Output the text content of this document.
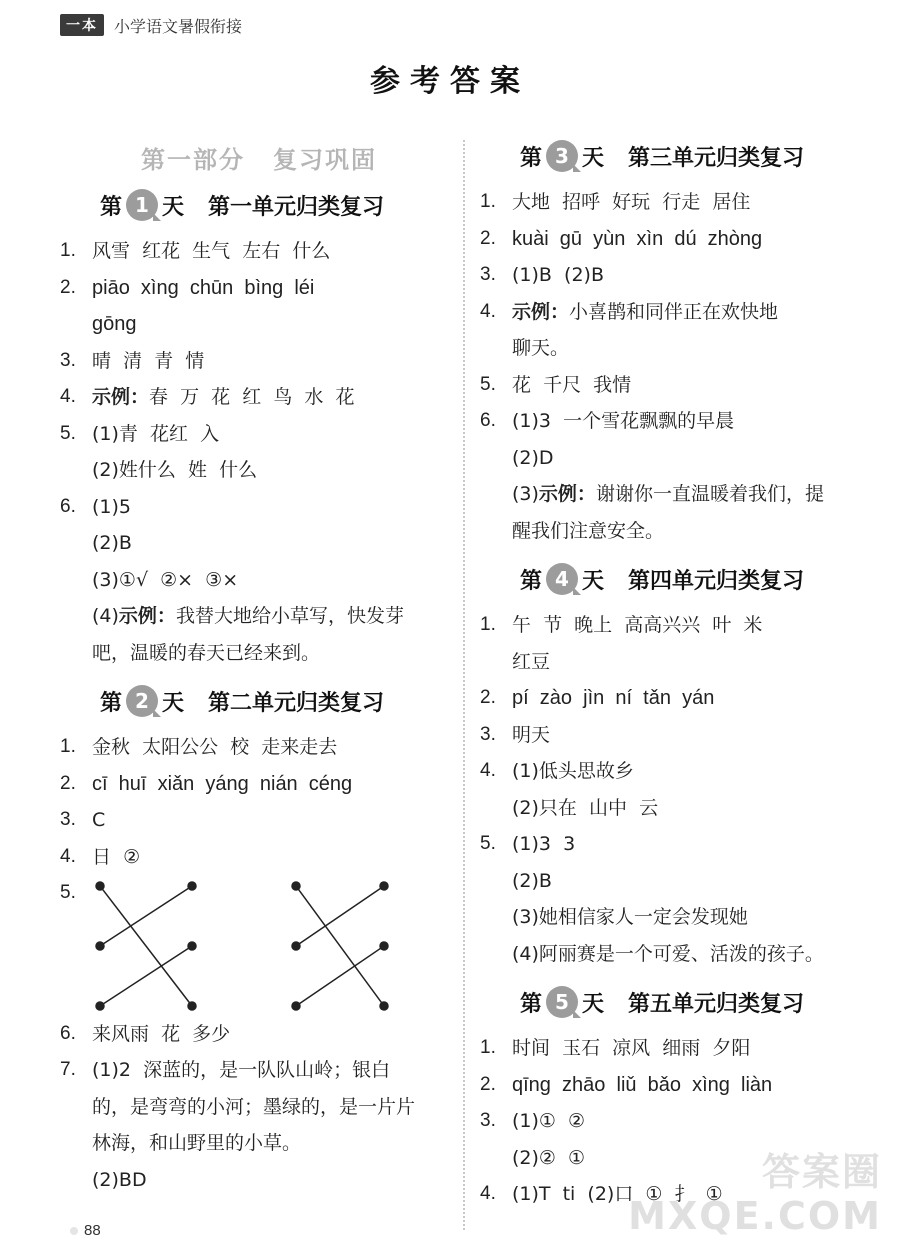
一本	小学语文暑假衔接
参考答案
第一部分 复习巩固
第 1 天 第一单元归类复习
1. 风雪  红花  生气  左右  什么
2. piāo  xìng  chūn  bìng  léi
gōng
3. 晴  清  青  情
4. 示例：春  万  花  红  鸟  水  花
5. (1)青  花红  入
(2)姓什么  姓  什么
6. (1)5
(2)B
(3)①√  ②×  ③×
(4)示例：我替大地给小草写，快发芽
吧，温暖的春天已经来到。
第 2 天 第二单元归类复习
1. 金秋  太阳公公  校  走来走去
2. cī  huī  xiǎn  yáng  nián  céng
3. C
4. 日  ②
5.
6. 来风雨  花  多少
7. (1)2  深蓝的，是一队队山岭；银白
的，是弯弯的小河；墨绿的，是一片片
林海，和山野里的小草。
(2)BD
第 3 天 第三单元归类复习
1. 大地  招呼  好玩  行走  居住
2. kuài  gū  yùn  xìn  dú  zhòng
3. (1)B  (2)B
4. 示例：小喜鹊和同伴正在欢快地
聊天。
5. 花  千尺  我情
6. (1)3  一个雪花飘飘的早晨
(2)D
(3)示例：谢谢你一直温暖着我们，提
醒我们注意安全。
第 4 天 第四单元归类复习
1. 午  节  晚上  高高兴兴  叶  米
红豆
2. pí  zào  jìn  ní  tǎn  yán
3. 明天
4. (1)低头思故乡
(2)只在  山中  云
5. (1)3  3
(2)B
(3)她相信家人一定会发现她
(4)阿丽赛是一个可爱、活泼的孩子。
第 5 天 第五单元归类复习
1. 时间  玉石  凉风  细雨  夕阳
2. qīng  zhāo  liǔ  bǎo  xìng  liàn
3. (1)①  ②
(2)②  ①
4. (1)T  ti  (2)口  ①  扌  ①
88
答案圈
MXQE.COM
